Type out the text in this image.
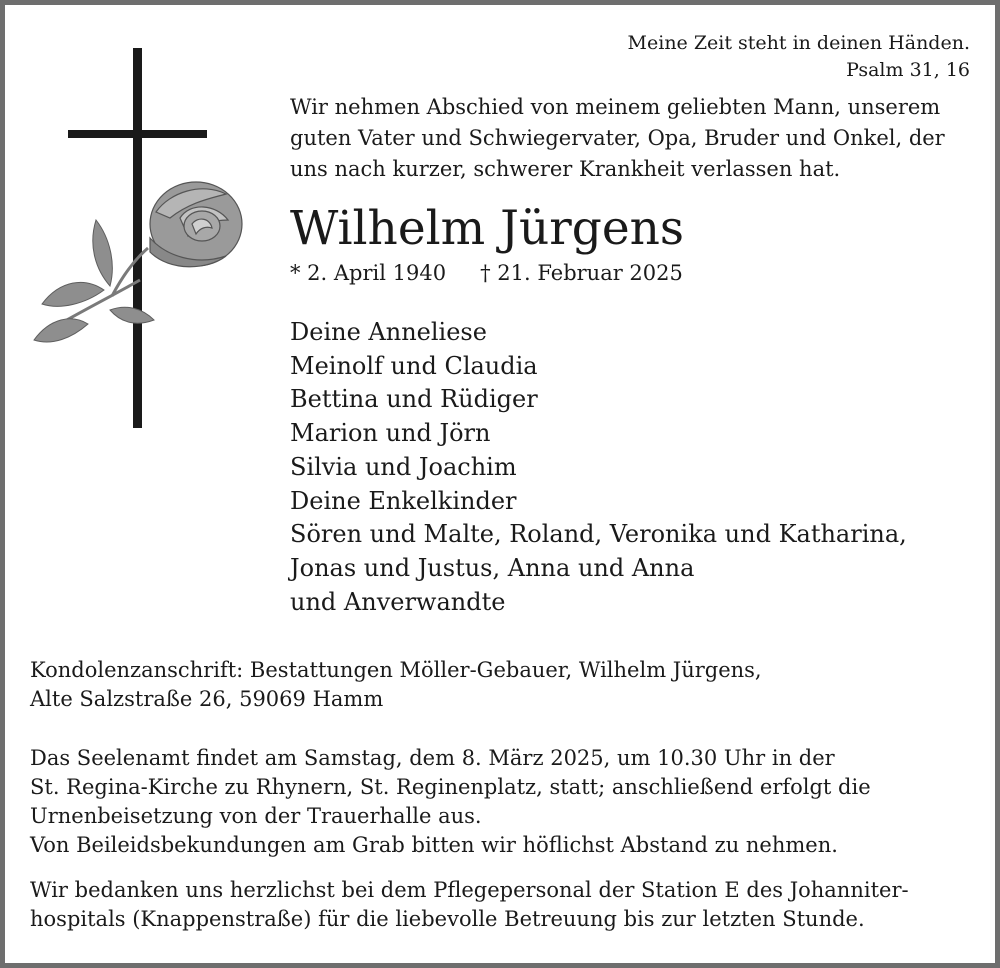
Meine Zeit steht in deinen Händen.
Psalm 31, 16
Wir nehmen Abschied von meinem geliebten Mann, unserem
guten Vater und Schwiegervater, Opa, Bruder und Onkel, der
uns nach kurzer, schwerer Krankheit verlassen hat.
Wilhelm Jürgens
* 2. April 1940 † 21. Februar 2025
Deine Anneliese
Meinolf und Claudia
Bettina und Rüdiger
Marion und Jörn
Silvia und Joachim
Deine Enkelkinder
Sören und Malte, Roland, Veronika und Katharina,
Jonas und Justus, Anna und Anna
und Anverwandte
Kondolenzanschrift: Bestattungen Möller-Gebauer, Wilhelm Jürgens,
Alte Salzstraße 26, 59069 Hamm
Das Seelenamt findet am Samstag, dem 8. März 2025, um 10.30 Uhr in der
St. Regina-Kirche zu Rhynern, St. Reginenplatz, statt; anschließend erfolgt die
Urnenbeisetzung von der Trauerhalle aus.
Von Beileidsbekundungen am Grab bitten wir höflichst Abstand zu nehmen.
Wir bedanken uns herzlichst bei dem Pflegepersonal der Station E des Johanniter-
hospitals (Knappenstraße) für die liebevolle Betreuung bis zur letzten Stunde.
